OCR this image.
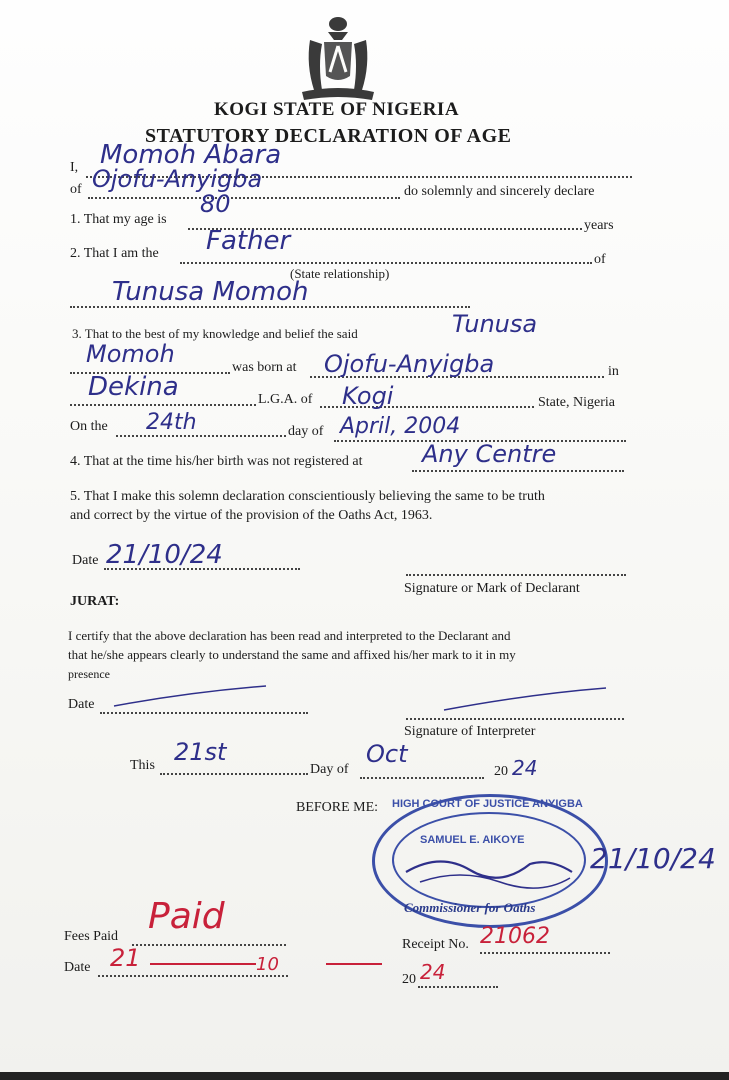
KOGI STATE OF NIGERIA
STATUTORY DECLARATION OF AGE
I, Momoh Abara
of	do solemnly and sincerely declare
Ojofu-Anyigba
1. That my age is	years
80
2. That I am the	of
Father
(State relationship)
Tunusa Momoh
3. That to the best of my knowledge and belief the said	Tunusa
Momoh	was born at	in
Ojofu-Anyigba
Dekina	L.G.A. of Kogi	State, Nigeria
On the 24th	day of April, 2004
4. That at the time his/her birth was not registered at Any Centre
5. That I make this solemn declaration conscientiously believing the same to be truth
and correct by the virtue of the provision of the Oaths Act, 1963.
Date 21/10/24
Signature or Mark of Declarant
JURAT:
I certify that the above declaration has been read and interpreted to the Declarant and
that he/she appears clearly to understand the same and affixed his/her mark to it in my
presence
Date
Signature of Interpreter
This 21st
Day of
Oct
20 24
BEFORE ME: HIGH COURT OF JUSTICE ANYIGBA
SAMUEL E. AIKOYE
Commissioner for Oaths
21/10/24
Fees Paid Paid
Receipt No. 21062
Date 21	10
20 24
